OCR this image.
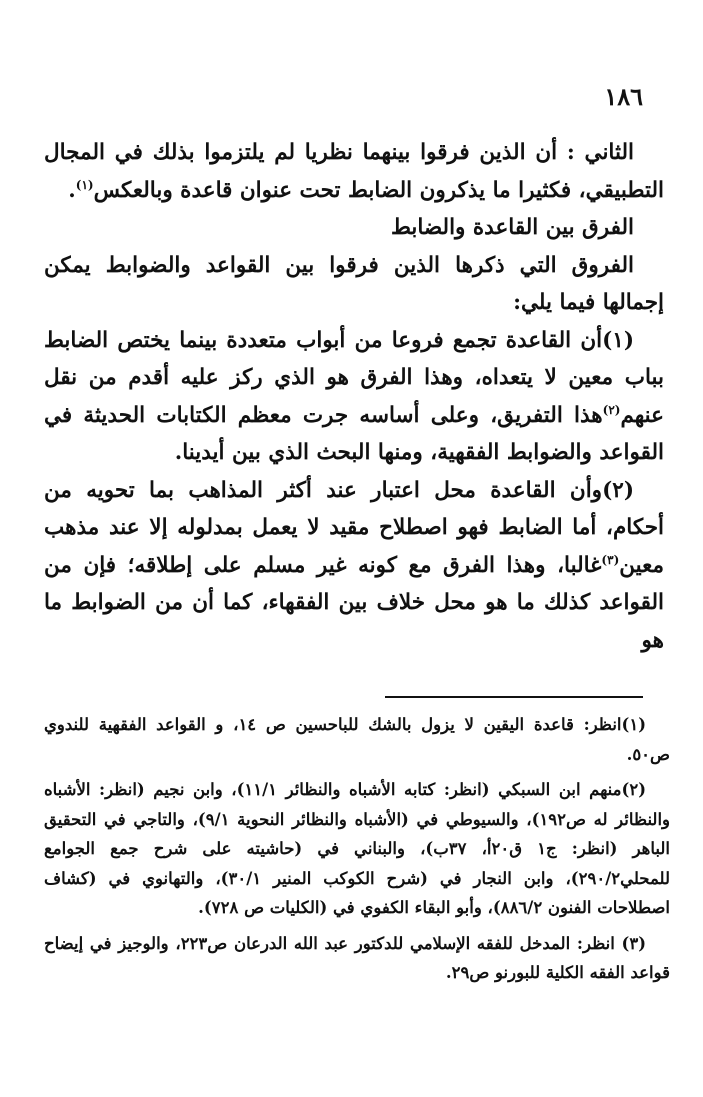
١٨٦

الثاني : أن الذين فرقوا بينهما نظريا لم يلتزموا بذلك في المجال التطبيقي، فكثيرا ما يذكرون الضابط تحت عنوان قاعدة وبالعكس$^{(١)}$.

الفرق بين القاعدة والضابط

الفروق التي ذكرها الذين فرقوا بين القواعد والضوابط يمكن إجمالها فيما يلي:

(١)أن القاعدة تجمع فروعا من أبواب متعددة بينما يختص الضابط بباب معين لا يتعداه، وهذا الفرق هو الذي ركز عليه أقدم من نقل عنهم$^{(٢)}$هذا التفريق، وعلى أساسه جرت معظم الكتابات الحديثة في القواعد والضوابط الفقهية، ومنها البحث الذي بين أيدينا.

(٢)وأن القاعدة محل اعتبار عند أكثر المذاهب بما تحويه من أحكام، أما الضابط فهو اصطلاح مقيد لا يعمل بمدلوله إلا عند مذهب معين$^{(٣)}$غالبا، وهذا الفرق مع كونه غير مسلم على إطلاقه؛ فإن من القواعد كذلك ما هو محل خلاف بين الفقهاء، كما أن من الضوابط ما هو

(١)انظر: قاعدة اليقين لا يزول بالشك للباحسين ص ١٤، و القواعد الفقهية للندوي ص٥٠.

(٢)منهم ابن السبكي (انظر: كتابه الأشباه والنظائر ١١/١)، وابن نجيم (انظر: الأشباه والنظائر له ص١٩٢)، والسيوطي في (الأشباه والنظائر النحوية ٩/١)، والتاجي في التحقيق الباهر (انظر: ج١ ق٢٠أ، ٣٧ب)، والبناني في (حاشيته على شرح جمع الجوامع للمحلي٢٩٠/٢)، وابن النجار في (شرح الكوكب المنير ٣٠/١)، والتهانوي في (كشاف اصطلاحات الفنون ٨٨٦/٢)، وأبو البقاء الكفوي في (الكليات ص ٧٢٨).

(٣) انظر: المدخل للفقه الإسلامي للدكتور عبد الله الدرعان ص٢٢٣، والوجيز في إيضاح قواعد الفقه الكلية للبورنو ص٢٩.
